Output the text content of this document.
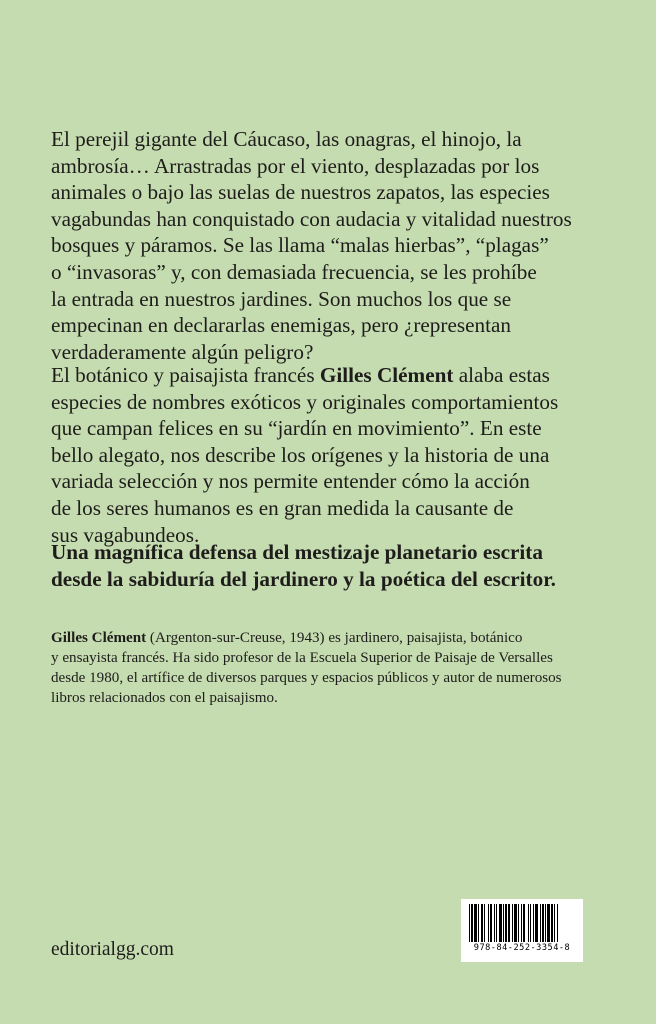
El perejil gigante del Cáucaso, las onagras, el hinojo, la
ambrosía… Arrastradas por el viento, desplazadas por los
animales o bajo las suelas de nuestros zapatos, las especies
vagabundas han conquistado con audacia y vitalidad nuestros
bosques y páramos. Se las llama “malas hierbas”, “plagas”
o “invasoras” y, con demasiada frecuencia, se les prohíbe
la entrada en nuestros jardines. Son muchos los que se
empecinan en declararlas enemigas, pero ¿representan
verdaderamente algún peligro?
El botánico y paisajista francés Gilles Clément alaba estas
especies de nombres exóticos y originales comportamientos
que campan felices en su “jardín en movimiento”. En este
bello alegato, nos describe los orígenes y la historia de una
variada selección y nos permite entender cómo la acción
de los seres humanos es en gran medida la causante de
sus vagabundeos.
Una magnífica defensa del mestizaje planetario escrita
desde la sabiduría del jardinero y la poética del escritor.
Gilles Clément (Argenton-sur-Creuse, 1943) es jardinero, paisajista, botánico
y ensayista francés. Ha sido profesor de la Escuela Superior de Paisaje de Versalles
desde 1980, el artífice de diversos parques y espacios públicos y autor de numerosos
libros relacionados con el paisajismo.
editorialgg.com	978-84-252-3354-8
